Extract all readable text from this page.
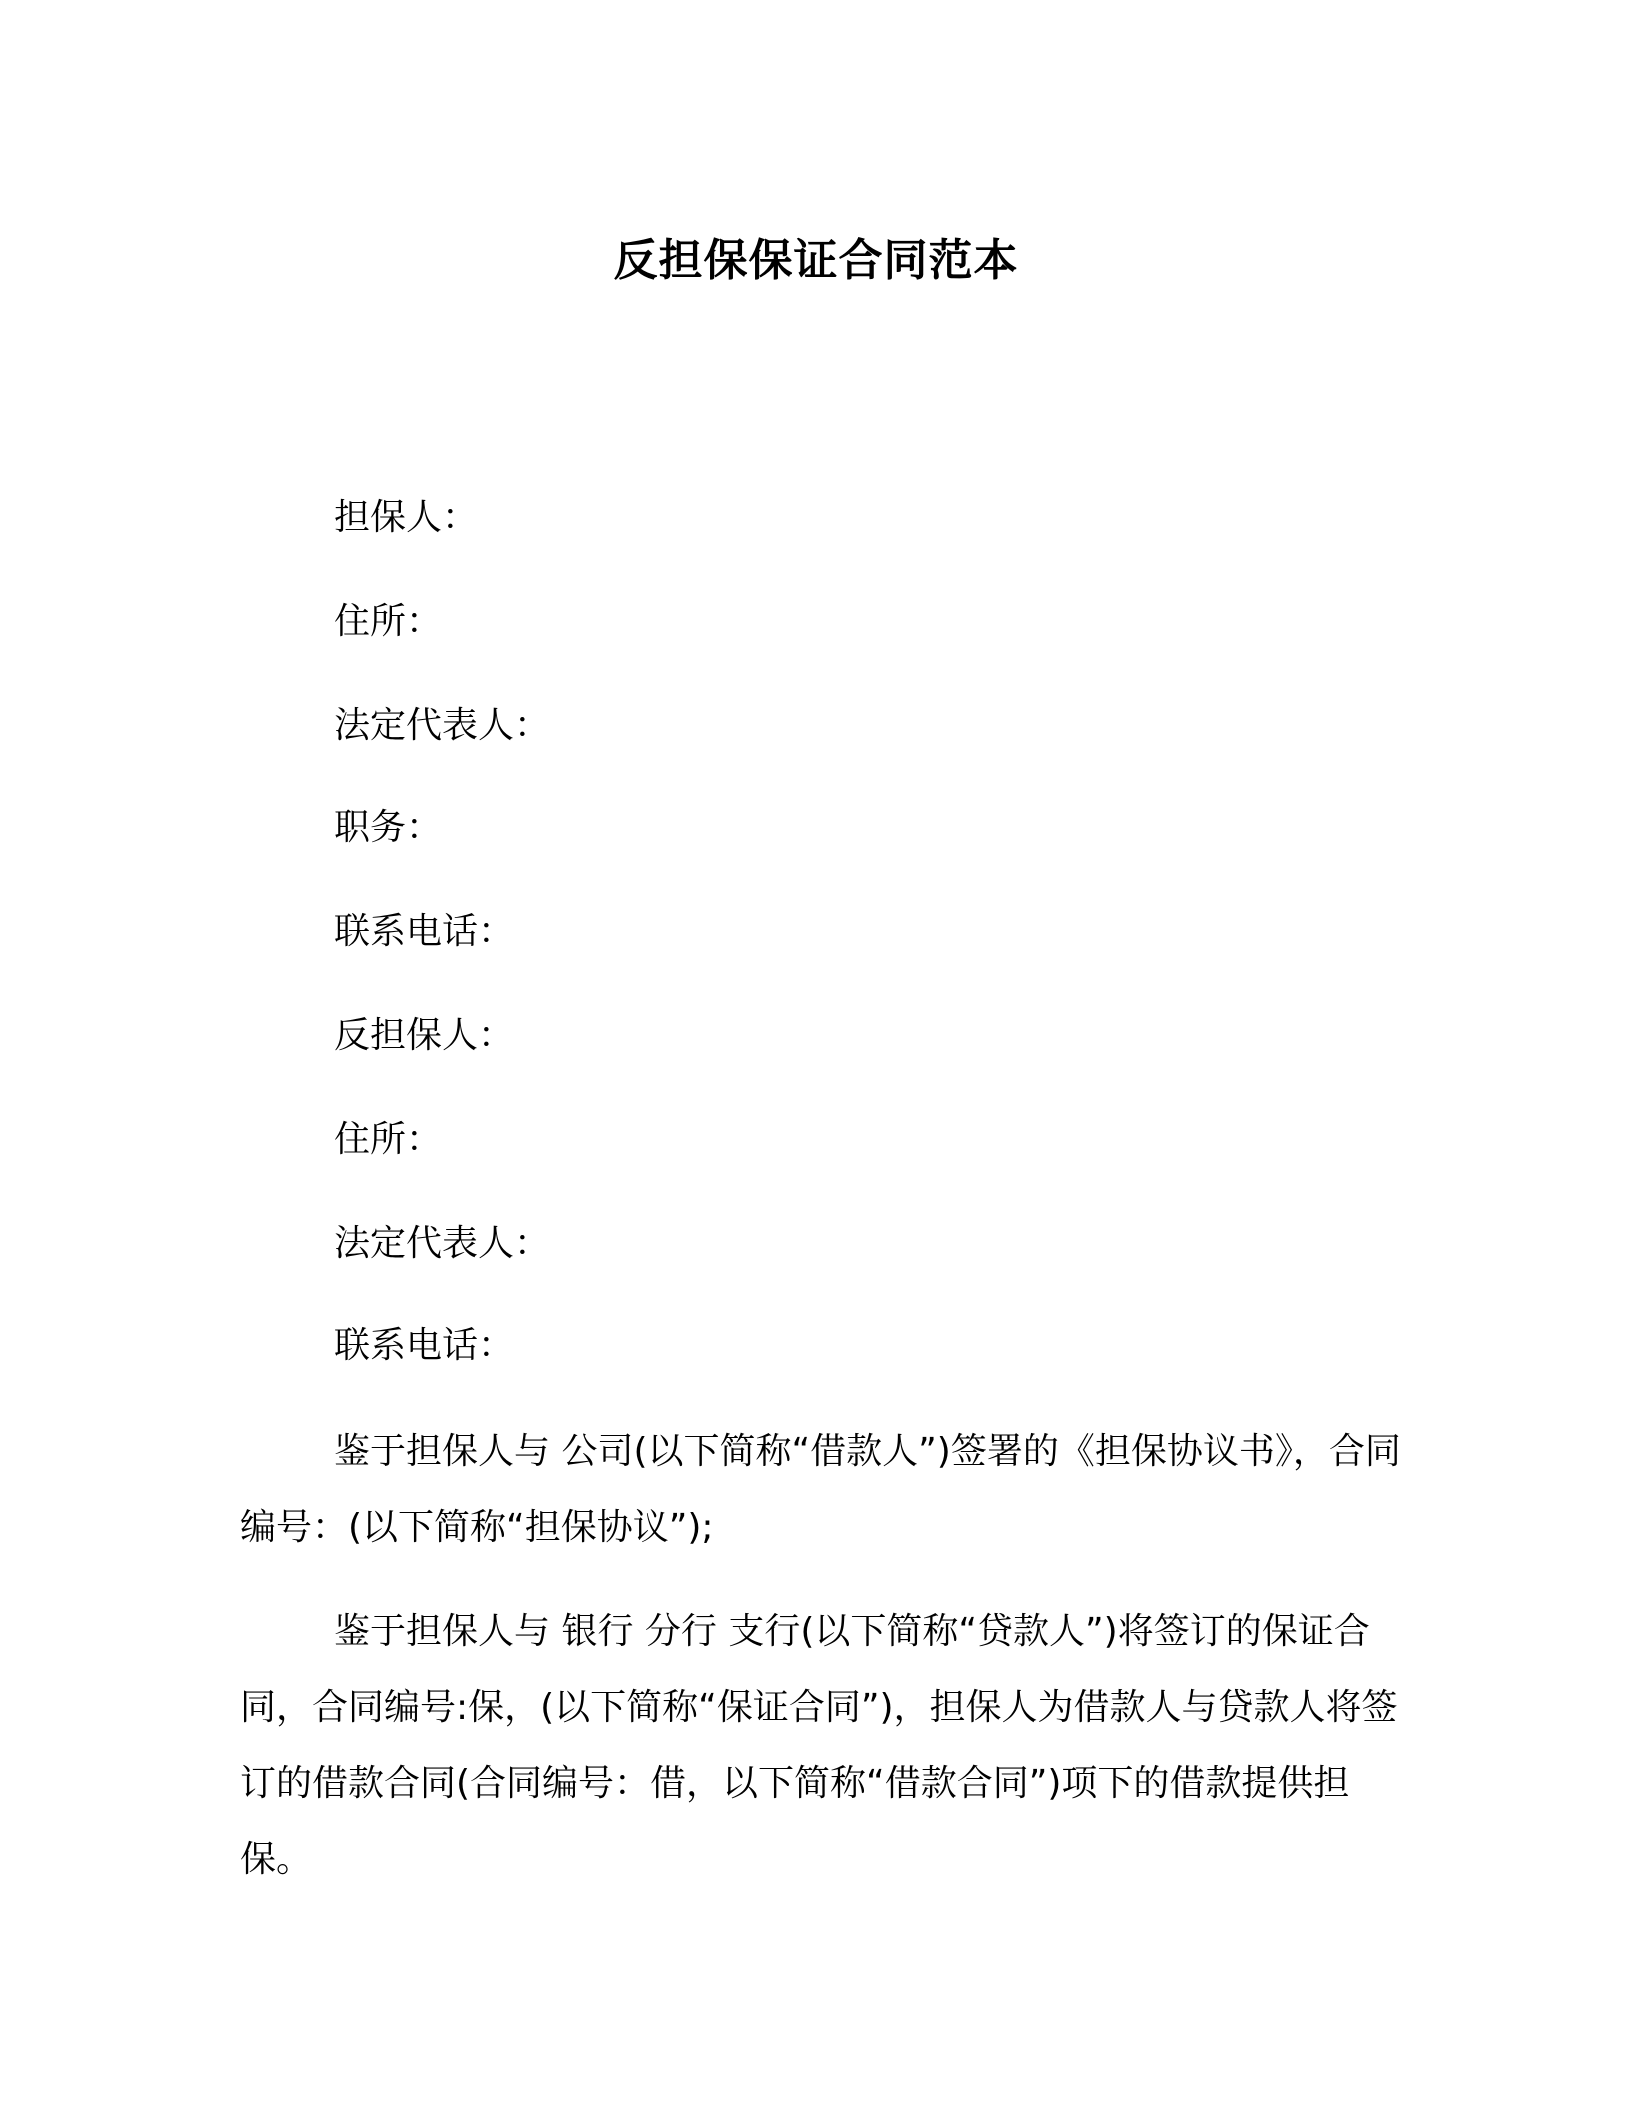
反担保保证合同范本
担保人：
住所：
法定代表人：
职务：
联系电话：
反担保人：
住所：
法定代表人：
联系电话：

鉴于担保人与 公司(以下简称“借款人”)签署的《担保协议书》，合同编号：(以下简称“担保协议”);

鉴于担保人与 银行 分行 支行(以下简称“贷款人”)将签订的保证合同，合同编号:保，(以下简称“保证合同”)，担保人为借款人与贷款人将签订的借款合同(合同编号：借，以下简称“借款合同”)项下的借款提供担保。
